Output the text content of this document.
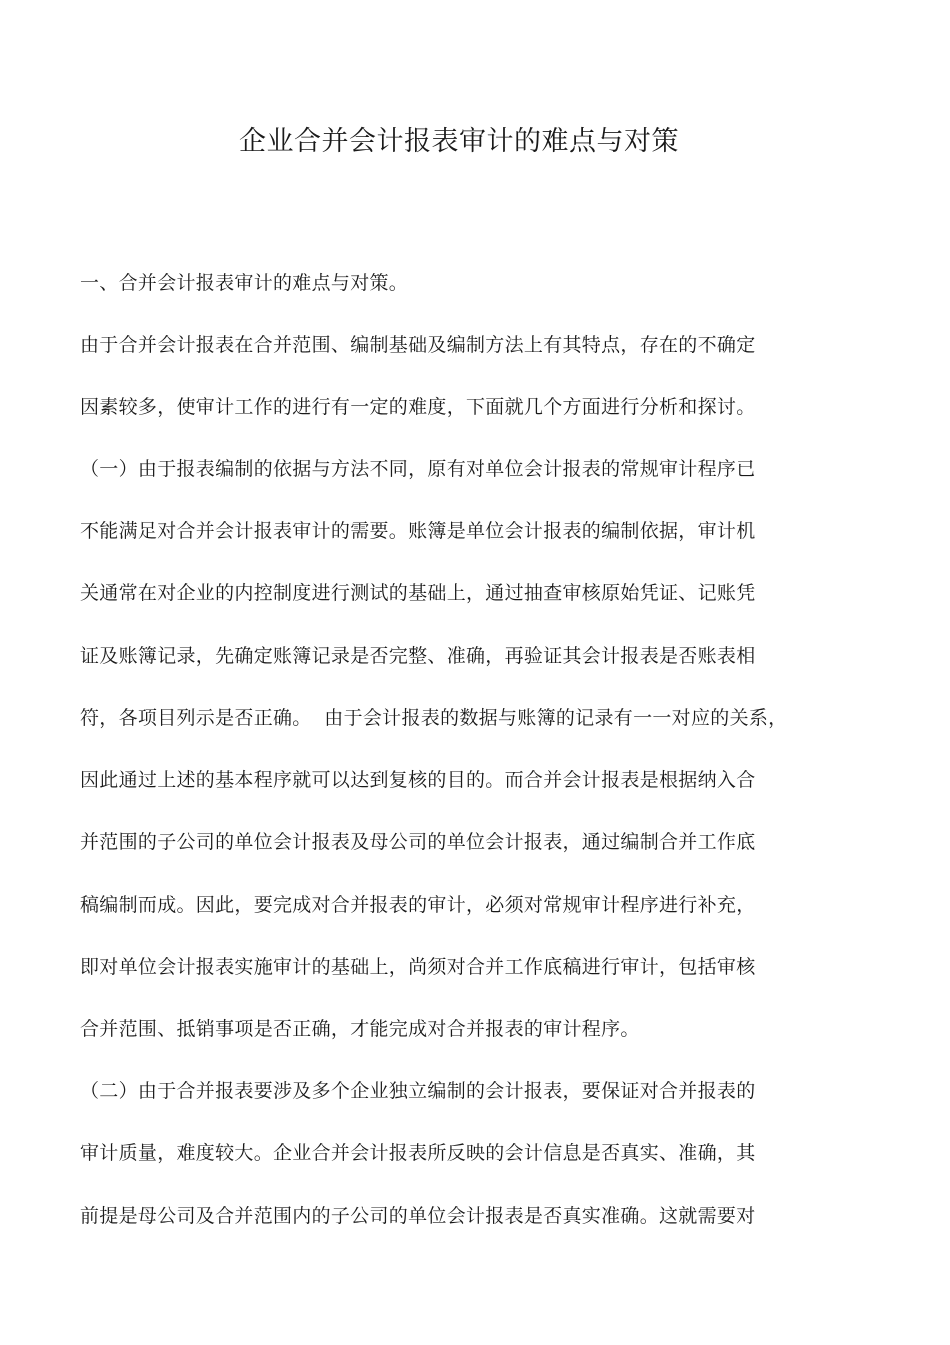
企业合并会计报表审计的难点与对策
一、合并会计报表审计的难点与对策。
由于合并会计报表在合并范围、编制基础及编制方法上有其特点，存在的不确定
因素较多，使审计工作的进行有一定的难度，下面就几个方面进行分析和探讨。
（一）由于报表编制的依据与方法不同，原有对单位会计报表的常规审计程序已
不能满足对合并会计报表审计的需要。账簿是单位会计报表的编制依据，审计机
关通常在对企业的内控制度进行测试的基础上，通过抽查审核原始凭证、记账凭
证及账簿记录，先确定账簿记录是否完整、准确，再验证其会计报表是否账表相
符，各项目列示是否正确。  由于会计报表的数据与账簿的记录有一一对应的关系，
因此通过上述的基本程序就可以达到复核的目的。而合并会计报表是根据纳入合
并范围的子公司的单位会计报表及母公司的单位会计报表，通过编制合并工作底
稿编制而成。因此，要完成对合并报表的审计，必须对常规审计程序进行补充，
即对单位会计报表实施审计的基础上，尚须对合并工作底稿进行审计，包括审核
合并范围、抵销事项是否正确，才能完成对合并报表的审计程序。
（二）由于合并报表要涉及多个企业独立编制的会计报表，要保证对合并报表的
审计质量，难度较大。企业合并会计报表所反映的会计信息是否真实、准确，其
前提是母公司及合并范围内的子公司的单位会计报表是否真实准确。这就需要对
